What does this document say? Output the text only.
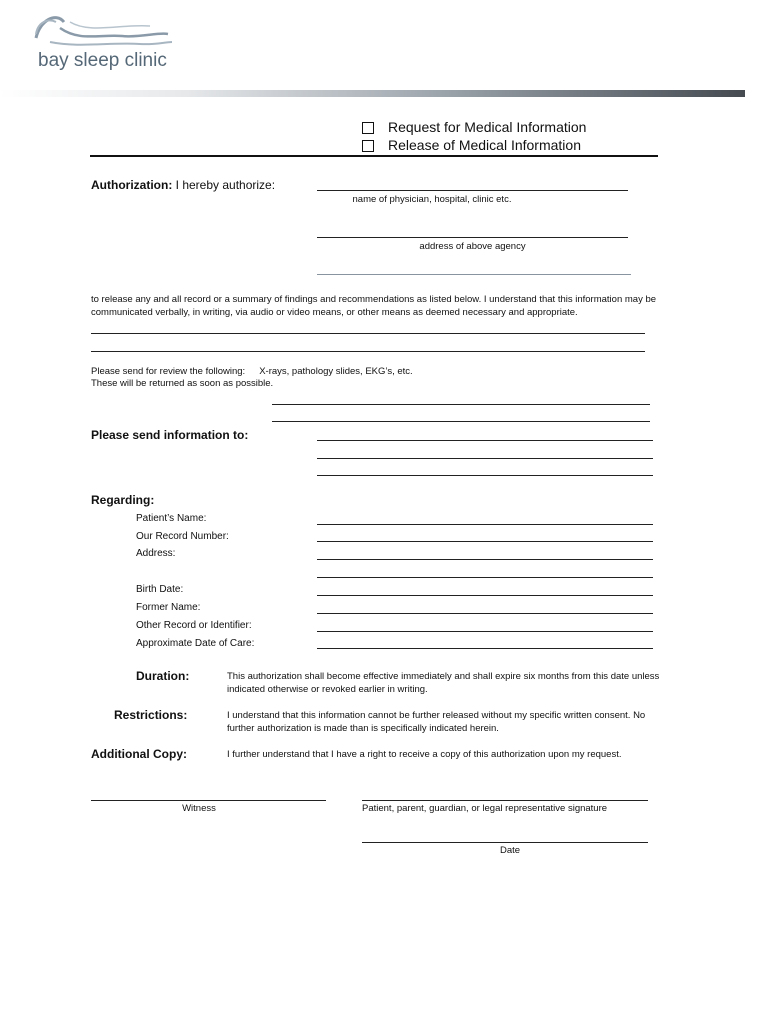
bay sleep clinic
Request for Medical Information
Release of Medical Information
Authorization: I hereby authorize:
name of physician, hospital, clinic etc.
address of above agency
to release any and all record or a summary of findings and recommendations as listed below. I understand that this information may be communicated verbally, in writing, via audio or video means, or other means as deemed necessary and appropriate.
Please send for review the following: X-rays, pathology slides, EKG’s, etc.
These will be returned as soon as possible.
Please send information to:
Regarding:
Patient’s Name:
Our Record Number:
Address:
Birth Date:
Former Name:
Other Record or Identifier:
Approximate Date of Care:
Duration:	This authorization shall become effective immediately and shall expire six months from this date unless indicated otherwise or revoked earlier in writing.
Restrictions:	I understand that this information cannot be further released without my specific written consent. No further authorization is made than is specifically indicated herein.
Additional Copy:	I further understand that I have a right to receive a copy of this authorization upon my request.
Witness	Patient, parent, guardian, or legal representative signature
Date
